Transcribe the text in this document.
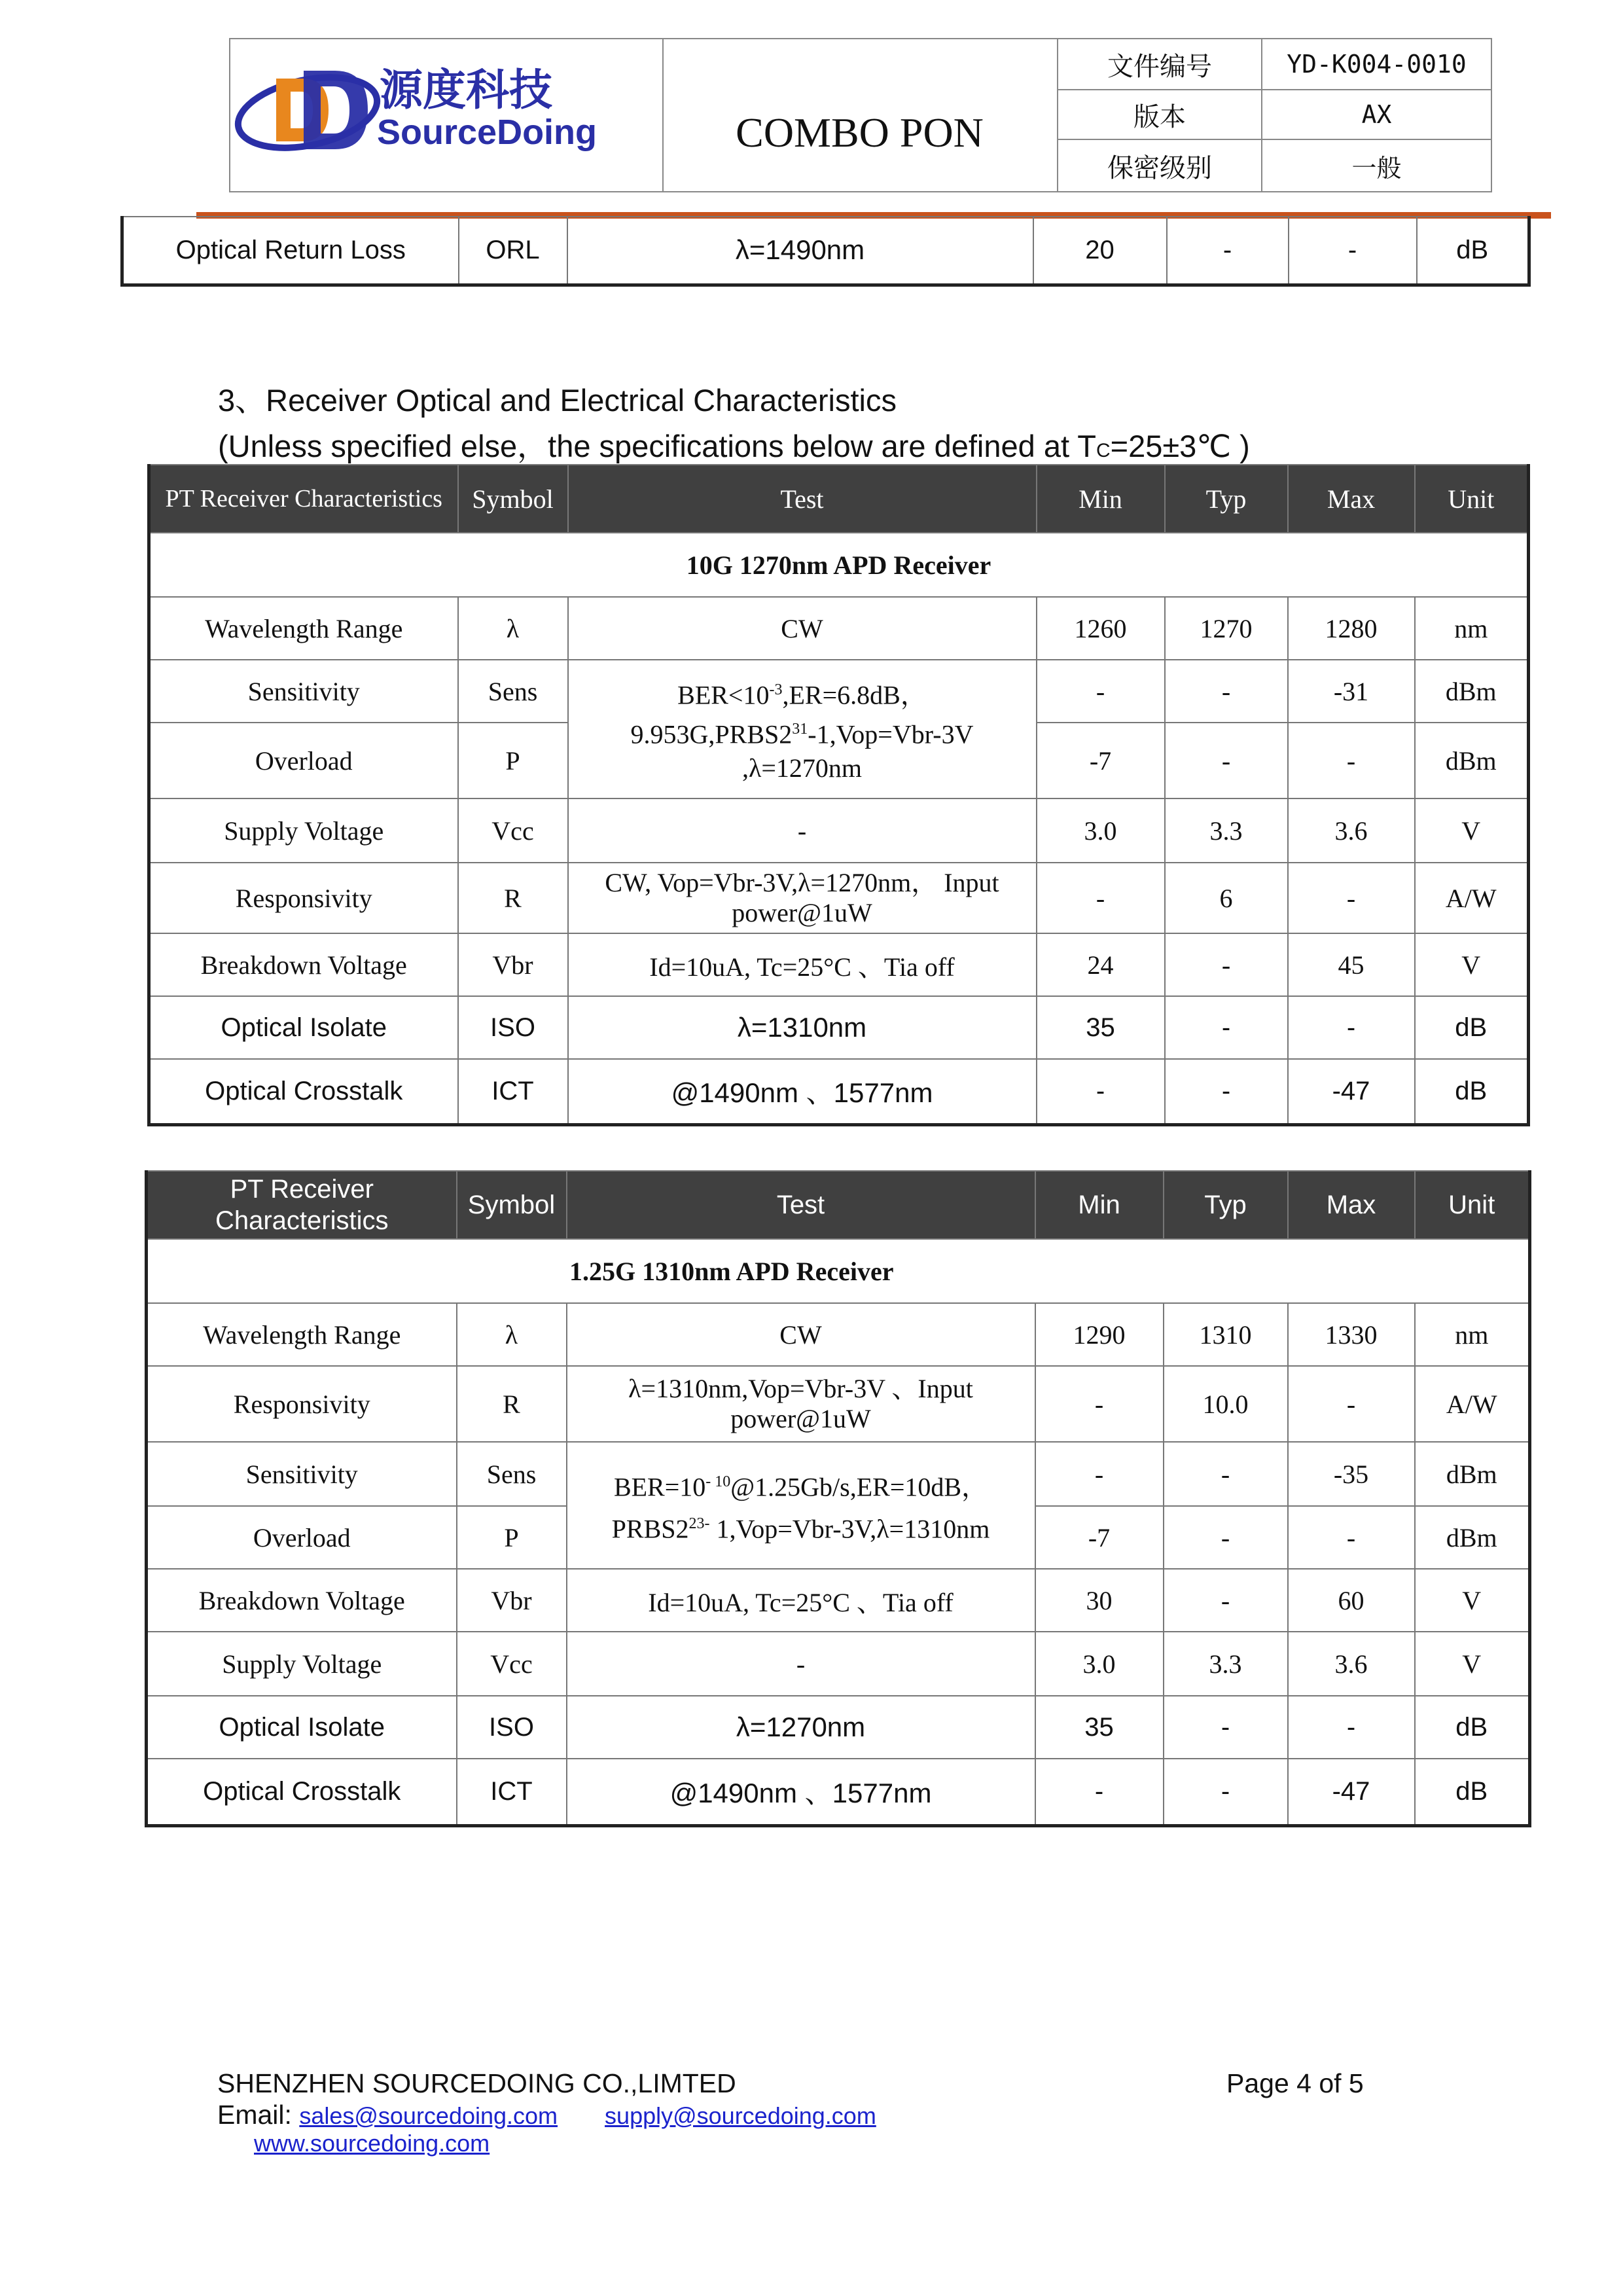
源度科技
SourceDoing	COMBO PON
文件编号	YD-K004-0010
版本	AX
保密级别	一般
Optical Return Loss	ORL	λ=1490nm	20	-	-	dB
3、Receiver Optical and Electrical Characteristics
(Unless specified else，the specifications below are defined at TC=25±3℃ )
PT Receiver Characteristics	Symbol	Test	Min	Typ	Max	Unit
10G 1270nm APD Receiver						
Wavelength Range	λ	CW	1260	1270	1280	nm
Sensitivity	Sens	$BER<10^{-3},ER=6.8dB$，
$9.953G,PRBS2^{31}-1,Vop=Vbr-3V$
,λ=1270nm	-	-	-31	dBm
Overload	P		-7	-	-	dBm
Supply Voltage	Vcc	-	3.0	3.3	3.6	V
Responsivity	R	CW, Vop=Vbr-3V,λ=1270nm， Input
power@1uW	-	6	-	A/W
Breakdown Voltage	Vbr	Id=10uA, Tc=25°C 、Tia off	24	-	45	V
Optical Isolate	ISO	λ=1310nm	35	-	-	dB
Optical Crosstalk	ICT	@1490nm 、1577nm	-	-	-47	dB
PT Receiver Characteristics	Symbol	Test	Min	Typ	Max	Unit
1.25G 1310nm APD Receiver						
Wavelength Range	λ	CW	1290	1310	1330	nm
Responsivity	R	λ=1310nm,Vop=Vbr-3V 、Input
power@1uW	-	10.0	-	A/W
Sensitivity	Sens	$BER=10^{- 10}@1.25Gb/s,ER=10dB$，
$PRBS2^{23-}$ 1,Vop=Vbr-3V,λ=1310nm	-	-	-35	dBm
Overload	P		-7	-	-	dBm
Breakdown Voltage	Vbr	Id=10uA, Tc=25°C 、Tia off	30	-	60	V
Supply Voltage	Vcc	-	3.0	3.3	3.6	V
Optical Isolate	ISO	λ=1270nm	35	-	-	dB
Optical Crosstalk	ICT	@1490nm 、1577nm	-	-	-47	dB
SHENZHEN SOURCEDOING CO.,LIMTED	Page 4 of 5
Email: sales@sourcedoing.com supply@sourcedoing.com
www.sourcedoing.com
